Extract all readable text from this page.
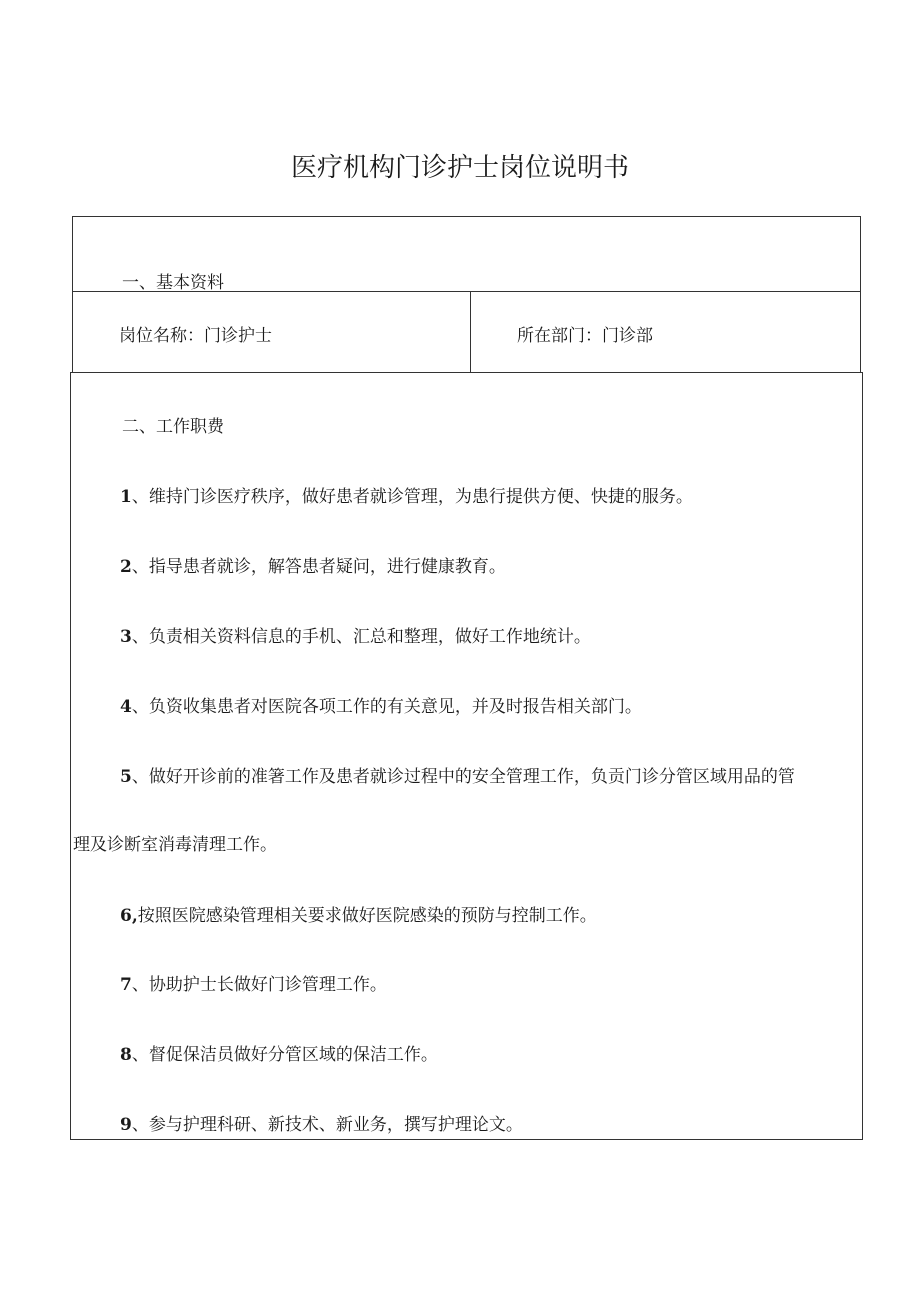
医疗机构门诊护士岗位说明书
一、基本资料
岗位名称：门诊护士	所在部门：门诊部
二、工作职费
1、维持门诊医疗秩序，做好患者就诊管理，为患行提供方便、快捷的服务。
2、指导患者就诊，解答患者疑问，进行健康教育。
3、负责相关资料信息的手机、汇总和整理，做好工作地统计。
4、负资收集患者对医院各项工作的有关意见，并及时报告相关部门。
5、做好开诊前的准箸工作及患者就诊过程中的安全管理工作，负贡门诊分管区域用品的管
理及诊断室消毒清理工作。
6,按照医院感染管理相关要求做好医院感染的预防与控制工作。
7、协助护士长做好门诊管理工作。
8、督促保洁员做好分管区域的保洁工作。
9、参与护理科研、新技术、新业务，撰写护理论文。
